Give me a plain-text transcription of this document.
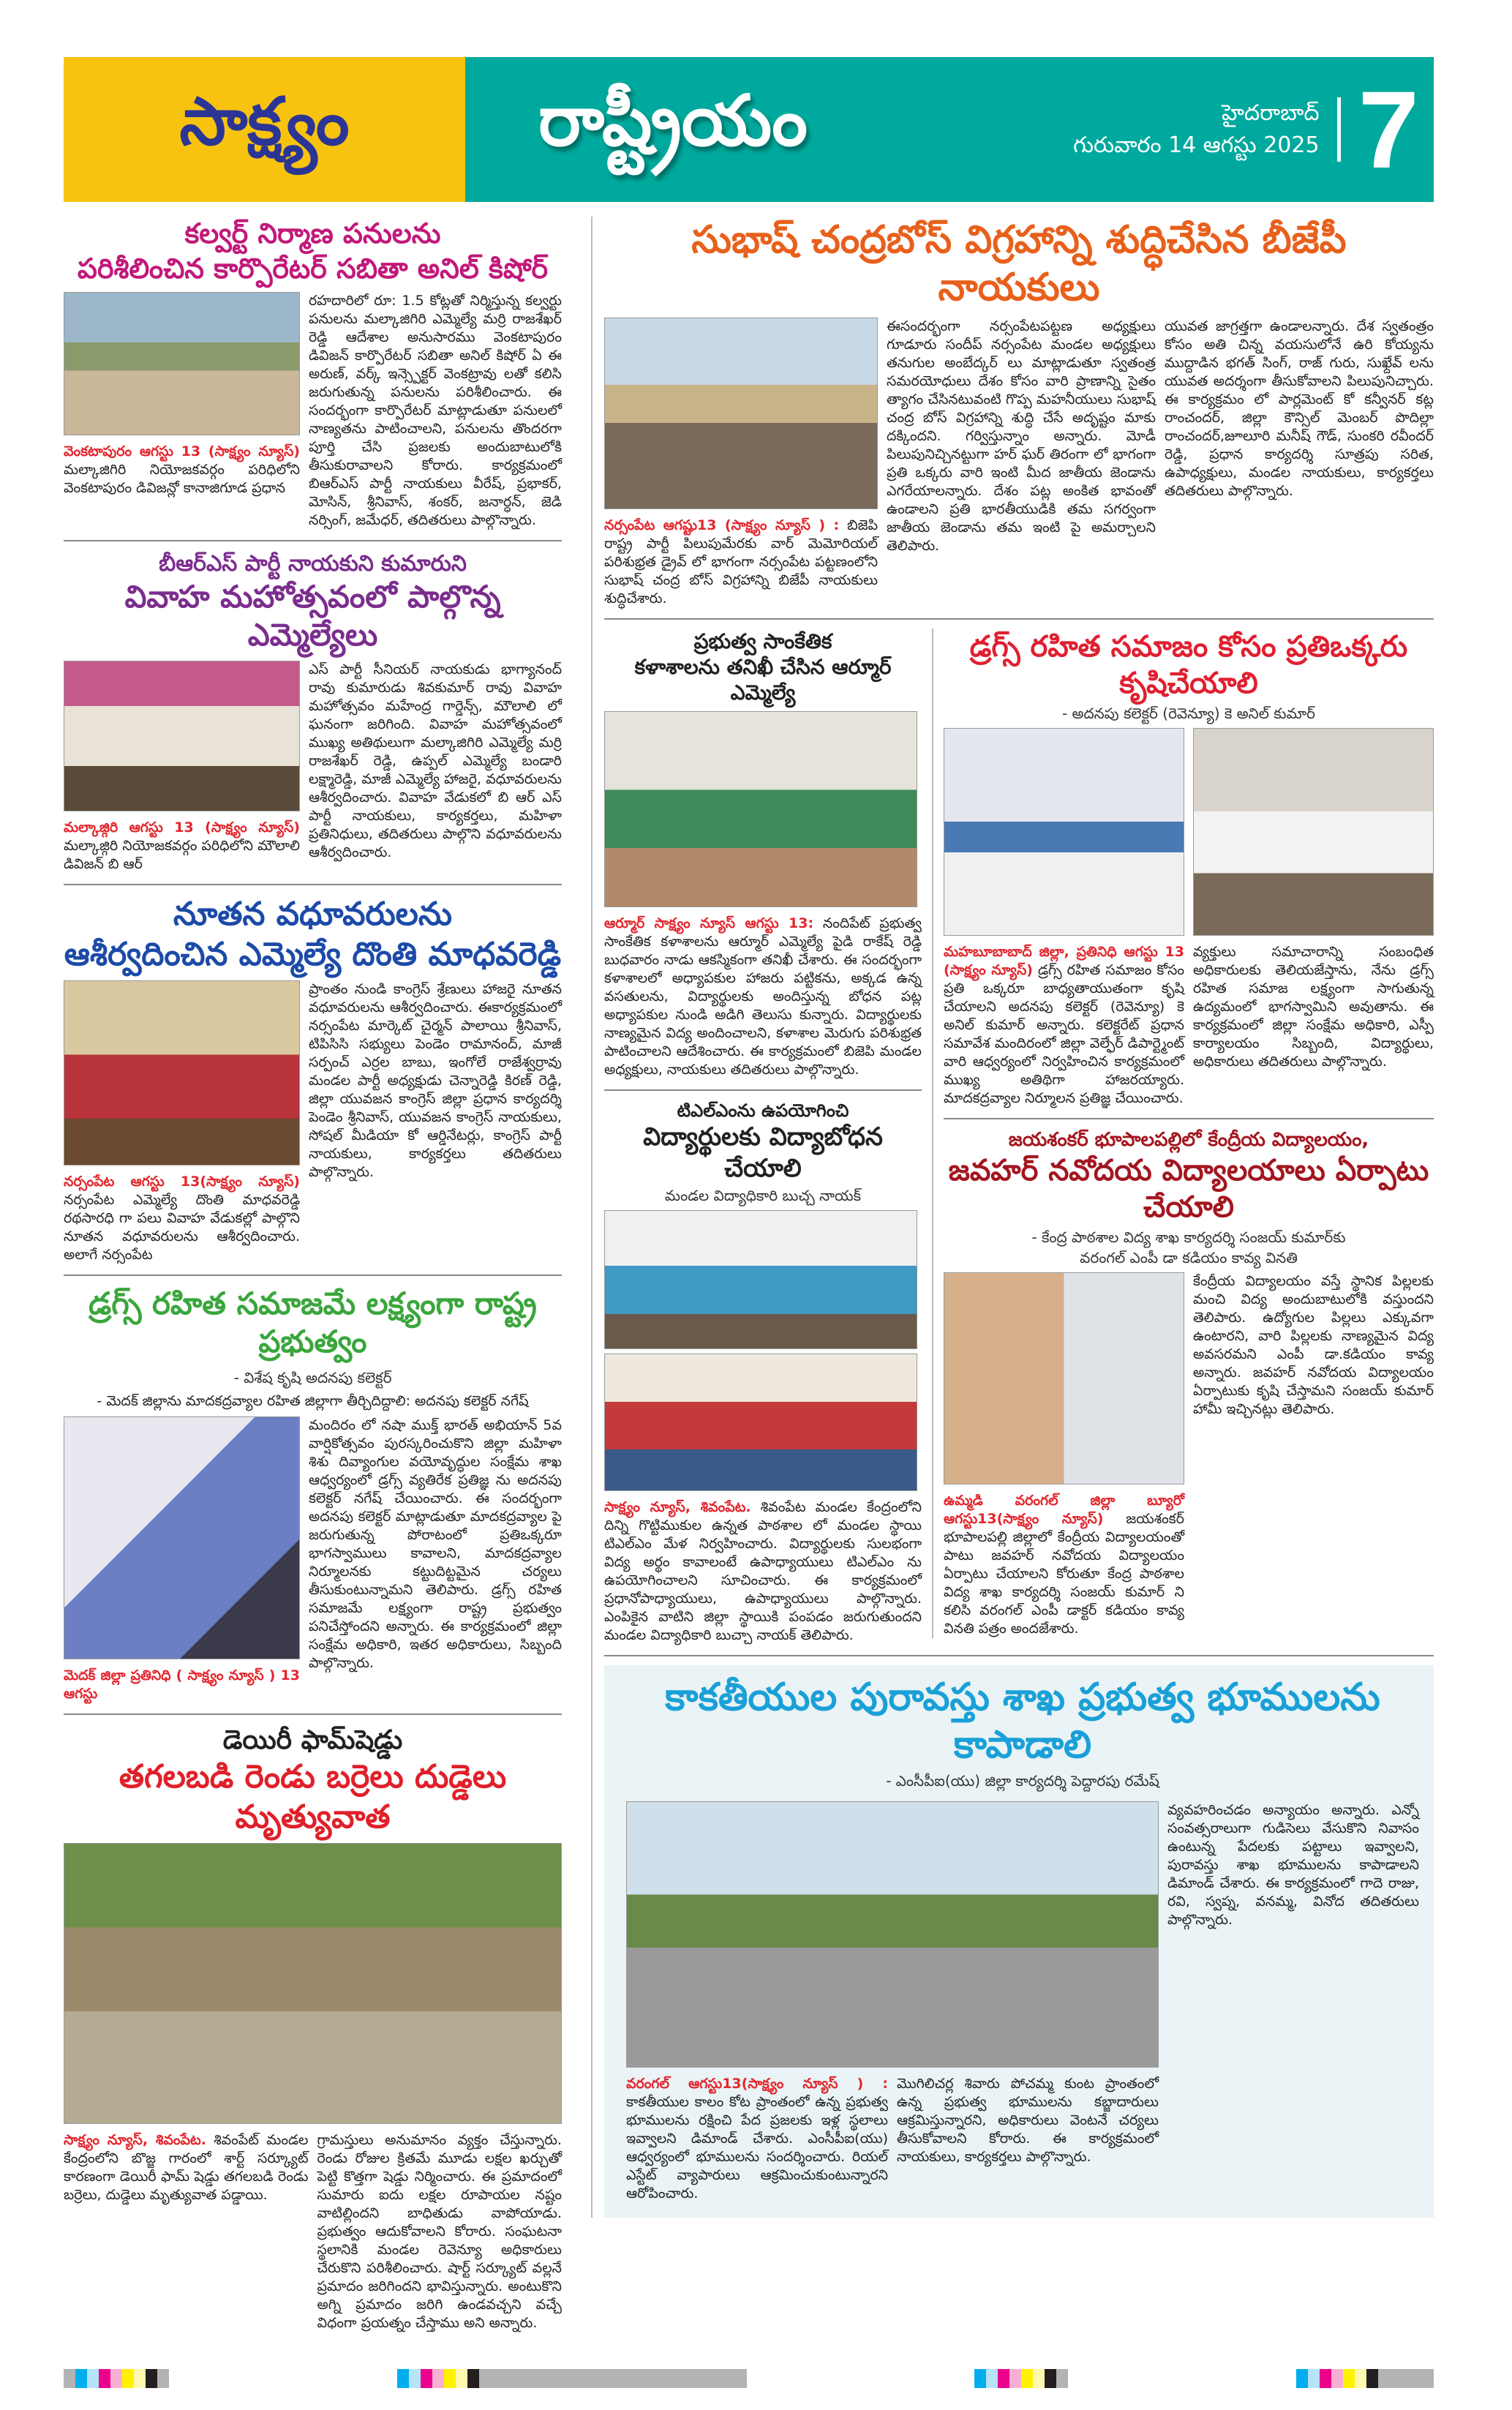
సాక్ష్యం	రాష్ట్రీయం	హైదరాబాద్
గురువారం 14 ఆగస్టు 2025 7
కల్వర్ట్ నిర్మాణ పనులను
పరిశీలించిన కార్పొరేటర్ సబితా అనిల్ కిషోర్
వెంకటాపురం ఆగస్టు 13 (సాక్ష్యం న్యూస్) మల్కాజిగిరి నియోజకవర్గం పరిధిలోని వెంకటాపురం డివిజన్లో కానాజిగూడ ప్రధాన
రహదారిలో రూ: 1.5 కోట్లతో నిర్మిస్తున్న కల్వర్టు పనులను మల్కాజిగిరి ఎమ్మెల్యే మర్రి రాజశేఖర్ రెడ్డి ఆదేశాల అనుసారము వెంకటాపురం డివిజన్ కార్పొరేటర్ సబితా అనిల్ కిషోర్ ఏ ఈ అరుణ్, వర్క్ ఇన్స్పెక్టర్ వెంకట్రావు లతో కలిసి జరుగుతున్న పనులను పరిశీలించారు. ఈ సందర్భంగా కార్పొరేటర్ మాట్లాడుతూ పనులలో నాణ్యతను పాటించాలని, పనులను తొందరగా పూర్తి చేసి ప్రజలకు అందుబాటులోకి తీసుకురావాలని కోరారు. కార్యక్రమంలో బిఆర్ఎస్ పార్టీ నాయకులు వీరేష్, ప్రభాకర్, మోసిన్, శ్రీనివాస్, శంకర్, జనార్ధన్, జెడి నర్సింగ్, జమేధర్, తదితరులు పాల్గొన్నారు.
బీఆర్ఎస్ పార్టీ నాయకుని కుమారుని
వివాహ మహోత్సవంలో పాల్గొన్న ఎమ్మెల్యేలు
మల్కాజ్గిరి ఆగస్టు 13 (సాక్ష్యం న్యూస్) మల్కాజ్గిరి నియోజకవర్గం పరిధిలోని మౌలాలి డివిజన్ బి ఆర్
ఎస్ పార్టీ సీనియర్ నాయకుడు భాగ్యానంద్ రావు కుమారుడు శివకుమార్ రావు వివాహ మహోత్సవం మహేంద్ర గార్డెన్స్, మౌలాలి లో ఘనంగా జరిగింది. వివాహ మహోత్సవంలో ముఖ్య అతిథులుగా మల్కాజిగిరి ఎమ్మెల్యే మర్రి రాజశేఖర్ రెడ్డి, ఉప్పల్ ఎమ్మెల్యే బండారి లక్ష్మారెడ్డి, మాజీ ఎమ్మెల్యే హాజరై, వధూవరులను ఆశీర్వదించారు. వివాహ వేడుకలో బి ఆర్ ఎస్ పార్టీ నాయకులు, కార్యకర్తలు, మహిళా ప్రతినిధులు, తదితరులు పాల్గొని వధూవరులను ఆశీర్వదించారు.
నూతన వధూవరులను
ఆశీర్వదించిన ఎమ్మెల్యే దొంతి మాధవరెడ్డి
నర్సంపేట ఆగస్టు 13(సాక్ష్యం న్యూస్) నర్సంపేట ఎమ్మెల్యే దొంతి మాధవరెడ్డి రథసారధి గా పలు వివాహ వేడుకల్లో పాల్గొని నూతన వధూవరులను ఆశీర్వదించారు. అలాగే నర్సంపేట
ప్రాంతం నుండి కాంగ్రెస్ శ్రేణులు హాజరై నూతన వధూవరులను ఆశీర్వదించారు. ఈకార్యక్రమంలో నర్సంపేట మార్కెట్ చైర్మన్ పాలాయి శ్రీనివాస్, టిపిసిసి సభ్యులు పెండెం రామానంద్, మాజీ సర్పంచ్ ఎర్రల బాబు, ఇంగోలే రాజేశ్వర్రావు మండల పార్టీ అధ్యక్షుడు చెన్నారెడ్డి కిరణ్ రెడ్డి, జిల్లా యువజన కాంగ్రెస్ జిల్లా ప్రధాన కార్యదర్శి పెండెం శ్రీనివాస్, యువజన కాంగ్రెస్ నాయకులు, సోషల్ మీడియా కో ఆర్డినేటర్లు, కాంగ్రెస్ పార్టీ నాయకులు, కార్యకర్తలు తదితరులు పాల్గొన్నారు.
డ్రగ్స్ రహిత సమాజమే లక్ష్యంగా రాష్ట్ర ప్రభుత్వం
- విశేష కృషి అదనపు కలెక్టర్
- మెదక్ జిల్లాను మాదకద్రవ్యాల రహిత జిల్లాగా తీర్చిదిద్దాలి: అదనపు కలెక్టర్ నగేష్
మెదక్ జిల్లా ప్రతినిధి ( సాక్ష్యం న్యూస్ ) 13 ఆగస్టు
మందిరం లో నషా ముక్త్ భారత్ అభియాన్ 5వ వార్షికోత్సవం పురస్కరించుకొని జిల్లా మహిళా శిశు దివ్యాంగుల వయోవృద్ధుల సంక్షేమ శాఖ ఆధ్వర్యంలో డ్రగ్స్ వ్యతిరేక ప్రతిజ్ఞ ను అదనపు కలెక్టర్ నగేష్ చేయించారు. ఈ సందర్భంగా అదనపు కలెక్టర్ మాట్లాడుతూ మాదకద్రవ్యాల పై జరుగుతున్న పోరాటంలో ప్రతిఒక్కరూ భాగస్వాములు కావాలని, మాదకద్రవ్యాల నిర్మూలనకు కట్టుదిట్టమైన చర్యలు తీసుకుంటున్నామని తెలిపారు. డ్రగ్స్ రహిత సమాజమే లక్ష్యంగా రాష్ట్ర ప్రభుత్వం పనిచేస్తోందని అన్నారు. ఈ కార్యక్రమంలో జిల్లా సంక్షేమ అధికారి, ఇతర అధికారులు, సిబ్బంది పాల్గొన్నారు.
డెయిరీ ఫామ్‌షెడ్డు
తగలబడి రెండు బర్రెలు దుడ్డెలు మృత్యువాత
సాక్ష్యం న్యూస్, శివంపేట. శివంపేట్ మండల కేంద్రంలోని బొజ్జ గారంలో శార్ట్ సర్క్యూట్ కారణంగా డెయిరీ ఫామ్ షెడ్డు తగలబడి రెండు బర్రెలు, దుడ్డెలు మృత్యువాత పడ్డాయి.
గ్రామస్తులు అనుమానం వ్యక్తం చేస్తున్నారు. రెండు రోజుల క్రితమే మూడు లక్షల ఖర్చుతో పెట్టి కొత్తగా షెడ్డు నిర్మించారు. ఈ ప్రమాదంలో సుమారు ఐదు లక్షల రూపాయల నష్టం వాటిల్లిందని బాధితుడు వాపోయాడు. ప్రభుత్వం ఆదుకోవాలని కోరారు. సంఘటనా స్థలానికి మండల రెవెన్యూ అధికారులు చేరుకొని పరిశీలించారు. షార్ట్ సర్క్యూట్ వల్లనే ప్రమాదం జరిగిందని భావిస్తున్నారు. అంటుకొని అగ్ని ప్రమాదం జరిగి ఉండవచ్చని వచ్చే విధంగా ప్రయత్నం చేస్తాము అని అన్నారు.
సుభాష్ చంద్రబోస్ విగ్రహాన్ని శుద్ధిచేసిన బీజేపీ నాయకులు
నర్సంపేట ఆగష్టు13 (సాక్ష్యం న్యూస్ ) : బిజెపి రాష్ట్ర పార్టీ పిలుపుమేరకు వార్ మెమోరియల్ పరిశుభ్రత డ్రైవ్ లో భాగంగా నర్సంపేట పట్టణంలోని సుభాష్ చంద్ర బోస్ విగ్రహాన్ని బిజేపీ నాయకులు శుద్ధిచేశారు.
ఈసందర్భంగా నర్సంపేటపట్టణ అధ్యక్షులు గూడూరు సందీప్ నర్సంపేట మండల అధ్యక్షులు తనుగుల అంబేద్కర్ లు మాట్లాడుతూ స్వతంత్ర సమరయోధులు దేశం కోసం వారి ప్రాణాన్ని సైతం త్యాగం చేసినటువంటి గొప్ప మహనీయులు సుభాష్ చంద్ర బోస్ విగ్రహాన్ని శుద్ధి చేసే అదృష్టం మాకు దక్కిందని. గర్విస్తున్నాం అన్నారు. మోడీ పిలుపునిచ్చినట్టుగా హర్ ఘర్ తిరంగా లో భాగంగా ప్రతి ఒక్కరు వారి ఇంటి మీద జాతీయ జెండాను ఎగరేయాలన్నారు. దేశం పట్ల అంకిత భావంతో ఉండాలని ప్రతి భారతీయుడికి తమ సగర్వంగా జాతీయ జెండాను తమ ఇంటి పై అమర్చాలని తెలిపారు.
యువత జాగ్రత్తగా ఉండాలన్నారు. దేశ స్వతంత్రం కోసం అతి చిన్న వయసులోనే ఉరి కోయ్యను ముద్దాడిన భగత్ సింగ్, రాజ్ గురు, సుఖ్దేవ్ లను యువత అదర్శంగా తీసుకోవాలని పిలుపునిచ్చారు. ఈ కార్యక్రమం లో పార్లమెంట్ కో కన్వీనర్ కట్ల రాంచందర్, జిల్లా కౌన్సిల్ మెంబర్ పొదిల్లా రాంచందర్,జూలూరి మనీష్ గౌడ్, సుంకరి రవీందర్ రెడ్డి, ప్రధాన కార్యదర్శి సూత్రపు సరిత, ఉపాధ్యక్షులు, మండల నాయకులు, కార్యకర్తలు తదితరులు పాల్గొన్నారు.
ప్రభుత్వ సాంకేతిక
కళాశాలను తనిఖీ చేసిన ఆర్మూర్ ఎమ్మెల్యే
ఆర్మూర్ సాక్ష్యం న్యూస్ ఆగస్టు 13: నందిపేట్ ప్రభుత్వ సాంకేతిక కళాశాలను ఆర్మూర్ ఎమ్మెల్యే పైడి రాకేష్ రెడ్డి బుధవారం నాడు ఆకస్మికంగా తనిఖీ చేశారు. ఈ సందర్భంగా కళాశాలలో అధ్యాపకుల హాజరు పట్టికను, అక్కడ ఉన్న వసతులను, విద్యార్థులకు అందిస్తున్న బోధన పట్ల అధ్యాపకుల నుండి అడిగి తెలుసు కున్నారు. విద్యార్థులకు నాణ్యమైన విద్య అందించాలని, కళాశాల మెరుగు పరిశుభ్రత పాటించాలని ఆదేశించారు. ఈ కార్యక్రమంలో బిజెపి మండల అధ్యక్షులు, నాయకులు తదితరులు పాల్గొన్నారు.
టిఎల్ఎంను ఉపయోగించి
విద్యార్థులకు విద్యాబోధన చేయాలి
మండల విద్యాధికారి బుచ్చ నాయక్
సాక్ష్యం న్యూస్, శివంపేట. శివంపేట మండల కేంద్రంలోని దిన్ని గొట్టిముకుల ఉన్నత పాఠశాల లో మండల స్థాయి టిఎల్ఎం మేళ నిర్వహించారు. విద్యార్థులకు సులభంగా విద్య అర్థం కావాలంటే ఉపాధ్యాయులు టిఎల్ఎం ను ఉపయోగించాలని సూచించారు. ఈ కార్యక్రమంలో ప్రధానోపాధ్యాయులు, ఉపాధ్యాయులు పాల్గొన్నారు. ఎంపికైన వాటిని జిల్లా స్థాయికి పంపడం జరుగుతుందని మండల విద్యాధికారి బుచ్చా నాయక్ తెలిపారు.
డ్రగ్స్ రహిత సమాజం కోసం ప్రతిఒక్కరు కృషిచేయాలి
- అదనపు కలెక్టర్ (రెవెన్యూ) కె అనిల్ కుమార్
మహబూబాబాద్ జిల్లా, ప్రతినిధి ఆగస్టు 13 (సాక్ష్యం న్యూస్) డ్రగ్స్ రహిత సమాజం కోసం ప్రతి ఒక్కరూ బాధ్యతాయుతంగా కృషి చేయాలని అదనపు కలెక్టర్ (రెవెన్యూ) కె అనిల్ కుమార్ అన్నారు. కలెక్టరేట్ ప్రధాన సమావేశ మందిరంలో జిల్లా వెల్ఫేర్ డిపార్ట్మెంట్ వారి ఆధ్వర్యంలో నిర్వహించిన కార్యక్రమంలో ముఖ్య అతిథిగా హాజరయ్యారు. మాదకద్రవ్యాల నిర్మూలన ప్రతిజ్ఞ చేయించారు.
వ్యక్తులు సమాచారాన్ని సంబంధిత అధికారులకు తెలియజేస్తాను, నేను డ్రగ్స్ రహిత సమాజ లక్ష్యంగా సాగుతున్న ఉద్యమంలో భాగస్వామిని అవుతాను. ఈ కార్యక్రమంలో జిల్లా సంక్షేమ అధికారి, ఎస్పీ కార్యాలయం సిబ్బంది, విద్యార్థులు, అధికారులు తదితరులు పాల్గొన్నారు.
జయశంకర్ భూపాలపల్లిలో కేంద్రీయ విద్యాలయం,
జవహర్ నవోదయ విద్యాలయాలు ఏర్పాటు చేయాలి
- కేంద్ర పాఠశాల విద్య శాఖ కార్యదర్శి సంజయ్ కుమార్‌కు
వరంగల్ ఎంపీ డా కడియం కావ్య వినతి
ఉమ్మడి వరంగల్ జిల్లా బ్యూరో ఆగస్టు13(సాక్ష్యం న్యూస్) జయశంకర్ భూపాలపల్లి జిల్లాలో కేంద్రీయ విద్యాలయంతో పాటు జవహర్ నవోదయ విద్యాలయం ఏర్పాటు చేయాలని కోరుతూ కేంద్ర పాఠశాల విద్య శాఖ కార్యదర్శి సంజయ్ కుమార్ ని కలిసి వరంగల్ ఎంపీ డాక్టర్ కడియం కావ్య వినతి పత్రం అందజేశారు.
కేంద్రీయ విద్యాలయం వస్తే స్థానిక పిల్లలకు మంచి విద్య అందుబాటులోకి వస్తుందని తెలిపారు. ఉద్యోగుల పిల్లలు ఎక్కువగా ఉంటారని, వారి పిల్లలకు నాణ్యమైన విద్య అవసరమని ఎంపీ డా.కడియం కావ్య అన్నారు. జవహర్ నవోదయ విద్యాలయం ఏర్పాటుకు కృషి చేస్తామని సంజయ్ కుమార్ హామీ ఇచ్చినట్లు తెలిపారు.
కాకతీయుల పురావస్తు శాఖ ప్రభుత్వ భూములను కాపాడాలి
- ఎంసీపీఐ(యు) జిల్లా కార్యదర్శి పెద్దారపు రమేష్
వరంగల్ ఆగస్టు13(సాక్ష్యం న్యూస్ ) : కాకతీయుల కాలం కోట ప్రాంతంలో ఉన్న ప్రభుత్వ భూములను రక్షించి పేద ప్రజలకు ఇళ్ల స్థలాలు ఇవ్వాలని డిమాండ్ చేశారు. ఎంసీపీఐ(యు) ఆధ్వర్యంలో భూములను సందర్శించారు. రియల్ ఎస్టేట్ వ్యాపారులు ఆక్రమించుకుంటున్నారని ఆరోపించారు.
మొగిలిచర్ల శివారు పోచమ్మ కుంట ప్రాంతంలో ఉన్న ప్రభుత్వ భూములను కబ్జాదారులు ఆక్రమిస్తున్నారని, అధికారులు వెంటనే చర్యలు తీసుకోవాలని కోరారు. ఈ కార్యక్రమంలో నాయకులు, కార్యకర్తలు పాల్గొన్నారు.
వ్యవహరించడం అన్యాయం అన్నారు. ఎన్నో సంవత్సరాలుగా గుడిసెలు వేసుకొని నివాసం ఉంటున్న పేదలకు పట్టాలు ఇవ్వాలని, పురావస్తు శాఖ భూములను కాపాడాలని డిమాండ్ చేశారు. ఈ కార్యక్రమంలో గాదె రాజు, రవి, స్వప్న, వనమ్మ, వినోద తదితరులు పాల్గొన్నారు.
